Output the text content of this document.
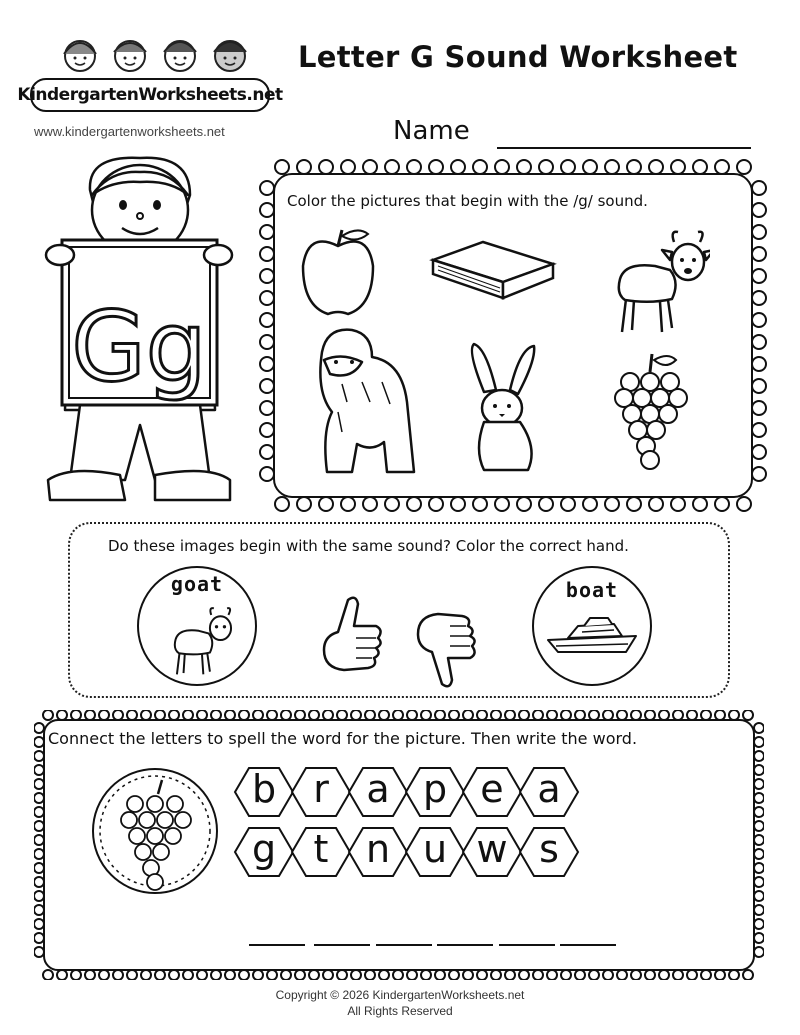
KindergartenWorksheets.net
www.kindergartenworksheets.net
Letter G Sound Worksheet
Name
Gg
Color the pictures that begin with the /g/ sound.
Do these images begin with the same sound? Color the correct hand.
goat	boat
Connect the letters to spell the word for the picture. Then write the word.
b r a p e a
g t n u w s
Copyright © 2026 KindergartenWorksheets.net
All Rights Reserved
